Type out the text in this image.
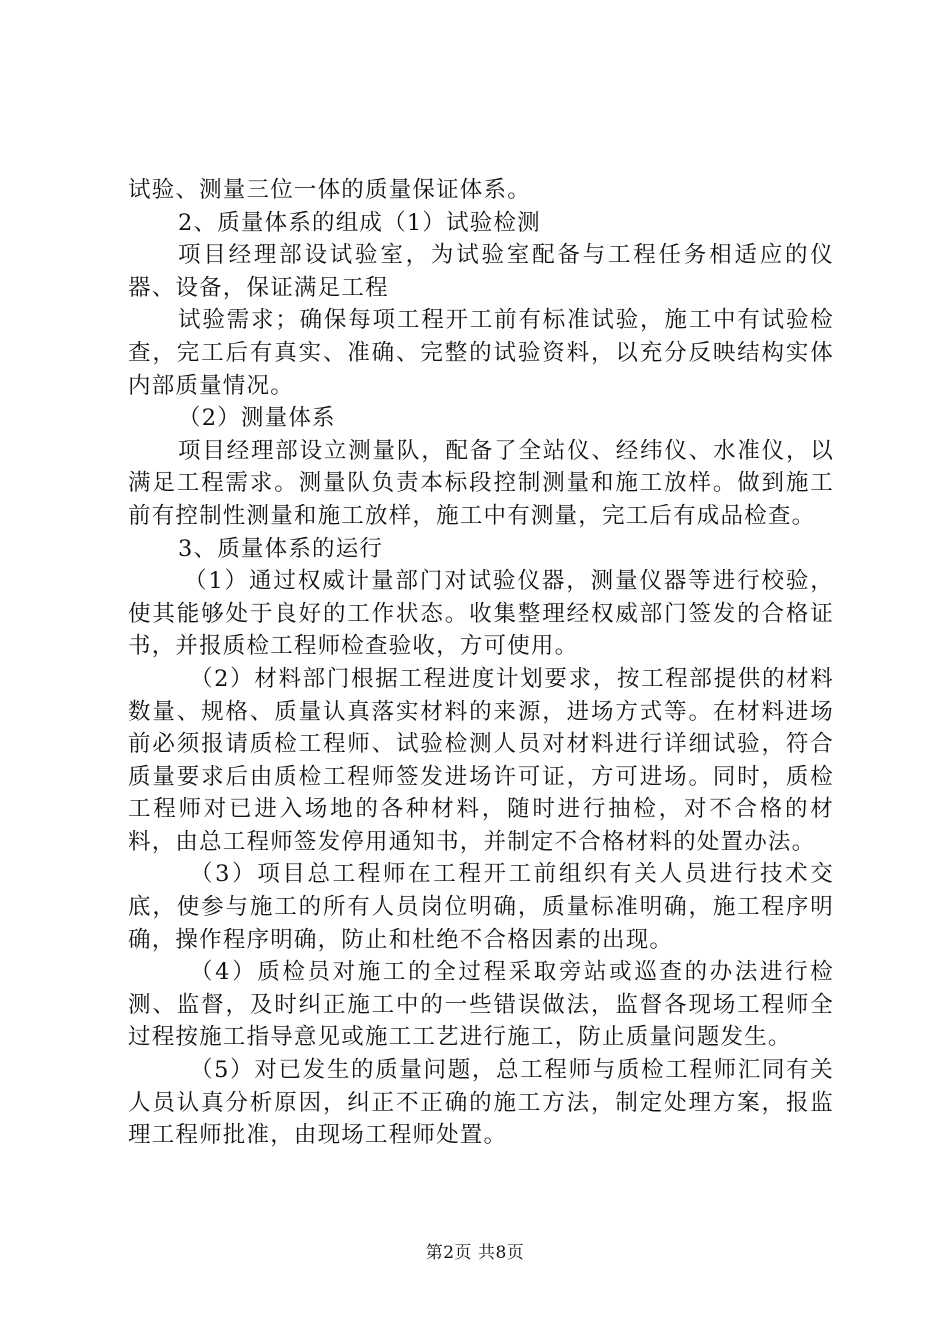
试验、测量三位一体的质量保证体系。

2、质量体系的组成（1）试验检测

项目经理部设试验室，为试验室配备与工程任务相适应的仪器、设备，保证满足工程

试验需求；确保每项工程开工前有标准试验，施工中有试验检查，完工后有真实、准确、完整的试验资料，以充分反映结构实体内部质量情况。

（2）测量体系

项目经理部设立测量队，配备了全站仪、经纬仪、水准仪，以满足工程需求。测量队负责本标段控制测量和施工放样。做到施工前有控制性测量和施工放样，施工中有测量，完工后有成品检查。

3、质量体系的运行

（1）通过权威计量部门对试验仪器，测量仪器等进行校验，使其能够处于良好的工作状态。收集整理经权威部门签发的合格证书，并报质检工程师检查验收，方可使用。

（2）材料部门根据工程进度计划要求，按工程部提供的材料数量、规格、质量认真落实材料的来源，进场方式等。在材料进场前必须报请质检工程师、试验检测人员对材料进行详细试验，符合质量要求后由质检工程师签发进场许可证，方可进场。同时，质检工程师对已进入场地的各种材料，随时进行抽检，对不合格的材料，由总工程师签发停用通知书，并制定不合格材料的处置办法。

（3）项目总工程师在工程开工前组织有关人员进行技术交底，使参与施工的所有人员岗位明确，质量标准明确，施工程序明确，操作程序明确，防止和杜绝不合格因素的出现。

（4）质检员对施工的全过程采取旁站或巡查的办法进行检测、监督，及时纠正施工中的一些错误做法，监督各现场工程师全过程按施工指导意见或施工工艺进行施工，防止质量问题发生。

（5）对已发生的质量问题，总工程师与质检工程师汇同有关人员认真分析原因，纠正不正确的施工方法，制定处理方案，报监理工程师批准，由现场工程师处置。

第2页 共8页
